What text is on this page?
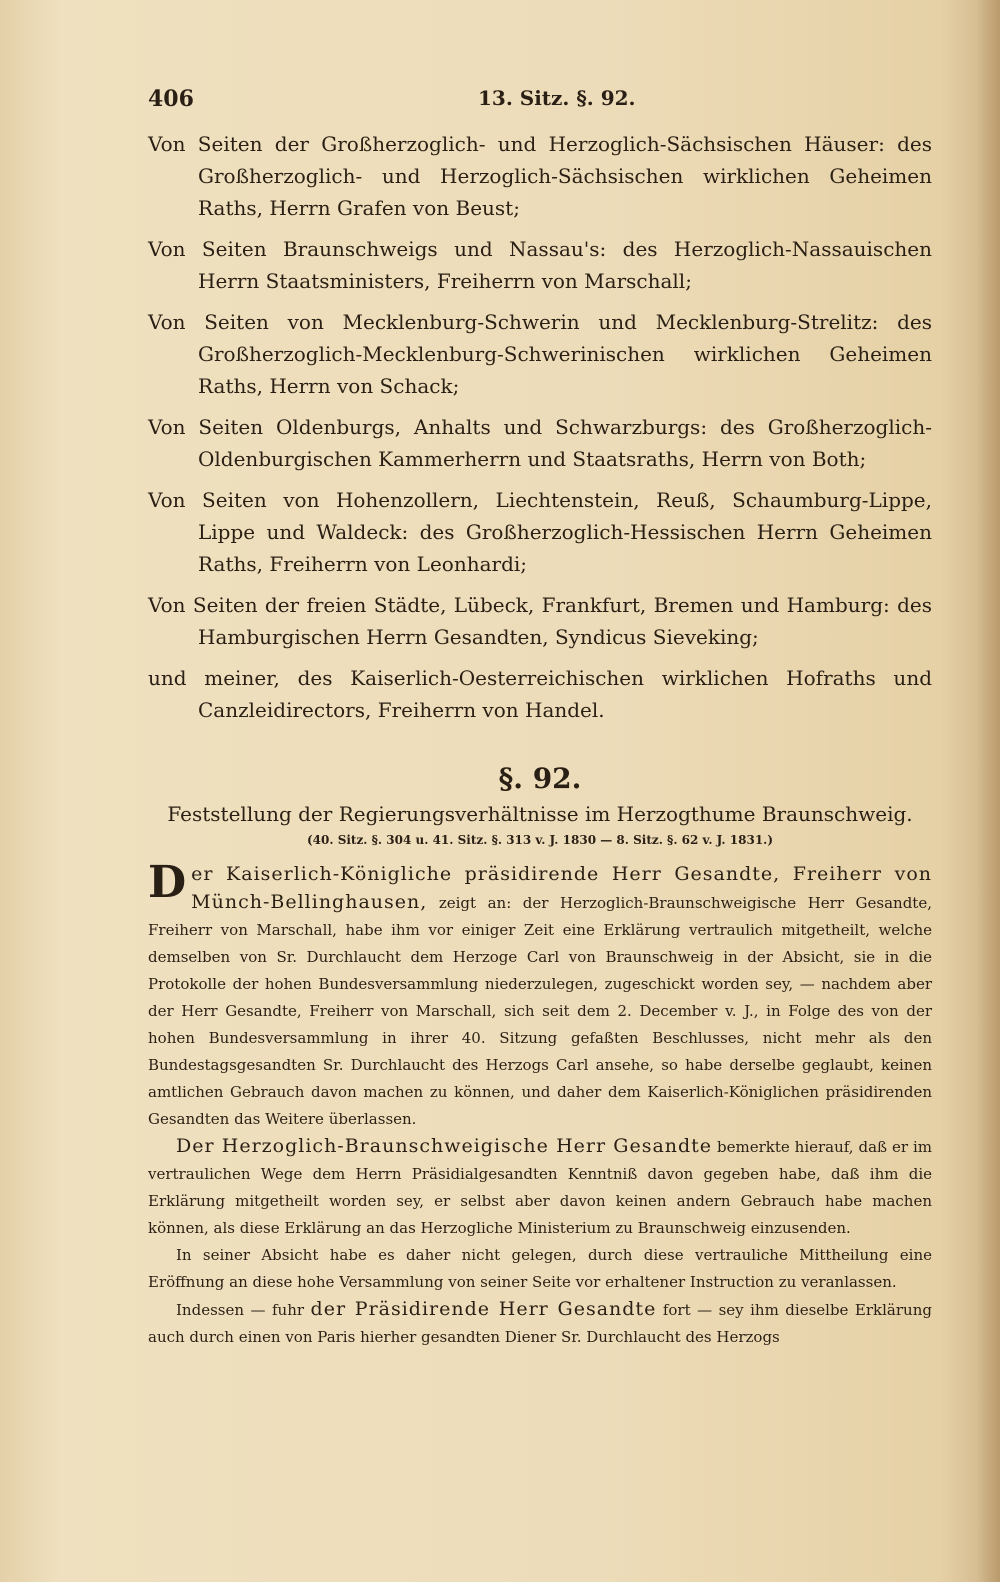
406	13. Sitz. §. 92.

Von Seiten der Großherzoglich- und Herzoglich-Sächsischen Häuser: des Großherzoglich- und Herzoglich-Sächsischen wirklichen Geheimen Raths, Herrn Grafen von Beust;

Von Seiten Braunschweigs und Nassau's: des Herzoglich-Nassauischen Herrn Staatsministers, Freiherrn von Marschall;

Von Seiten von Mecklenburg-Schwerin und Mecklenburg-Strelitz: des Großherzoglich-Mecklenburg-Schwerinischen wirklichen Geheimen Raths, Herrn von Schack;

Von Seiten Oldenburgs, Anhalts und Schwarzburgs: des Großherzoglich-Oldenburgischen Kammerherrn und Staatsraths, Herrn von Both;

Von Seiten von Hohenzollern, Liechtenstein, Reuß, Schaumburg-Lippe, Lippe und Waldeck: des Großherzoglich-Hessischen Herrn Geheimen Raths, Freiherrn von Leonhardi;

Von Seiten der freien Städte, Lübeck, Frankfurt, Bremen und Hamburg: des Hamburgischen Herrn Gesandten, Syndicus Sieveking;

und meiner, des Kaiserlich-Oesterreichischen wirklichen Hofraths und Canzleidirectors, Freiherrn von Handel.

§. 92.

Feststellung der Regierungsverhältnisse im Herzogthume Braunschweig.

(40. Sitz. §. 304 u. 41. Sitz. §. 313 v. J. 1830 — 8. Sitz. §. 62 v. J. 1831.)

Der Kaiserlich-Königliche präsidirende Herr Gesandte, Freiherr von Münch-Bellinghausen, zeigt an: der Herzoglich-Braunschweigische Herr Gesandte, Freiherr von Marschall, habe ihm vor einiger Zeit eine Erklärung vertraulich mitgetheilt, welche demselben von Sr. Durchlaucht dem Herzoge Carl von Braunschweig in der Absicht, sie in die Protokolle der hohen Bundesversammlung niederzulegen, zugeschickt worden sey, — nachdem aber der Herr Gesandte, Freiherr von Marschall, sich seit dem 2. December v. J., in Folge des von der hohen Bundesversammlung in ihrer 40. Sitzung gefaßten Beschlusses, nicht mehr als den Bundestagsgesandten Sr. Durchlaucht des Herzogs Carl ansehe, so habe derselbe geglaubt, keinen amtlichen Gebrauch davon machen zu können, und daher dem Kaiserlich-Königlichen präsidirenden Gesandten das Weitere überlassen.

Der Herzoglich-Braunschweigische Herr Gesandte bemerkte hierauf, daß er im vertraulichen Wege dem Herrn Präsidialgesandten Kenntniß davon gegeben habe, daß ihm die Erklärung mitgetheilt worden sey, er selbst aber davon keinen andern Gebrauch habe machen können, als diese Erklärung an das Herzogliche Ministerium zu Braunschweig einzusenden.

In seiner Absicht habe es daher nicht gelegen, durch diese vertrauliche Mittheilung eine Eröffnung an diese hohe Versammlung von seiner Seite vor erhaltener Instruction zu veranlassen.

Indessen — fuhr der Präsidirende Herr Gesandte fort — sey ihm dieselbe Erklärung auch durch einen von Paris hierher gesandten Diener Sr. Durchlaucht des Herzogs
